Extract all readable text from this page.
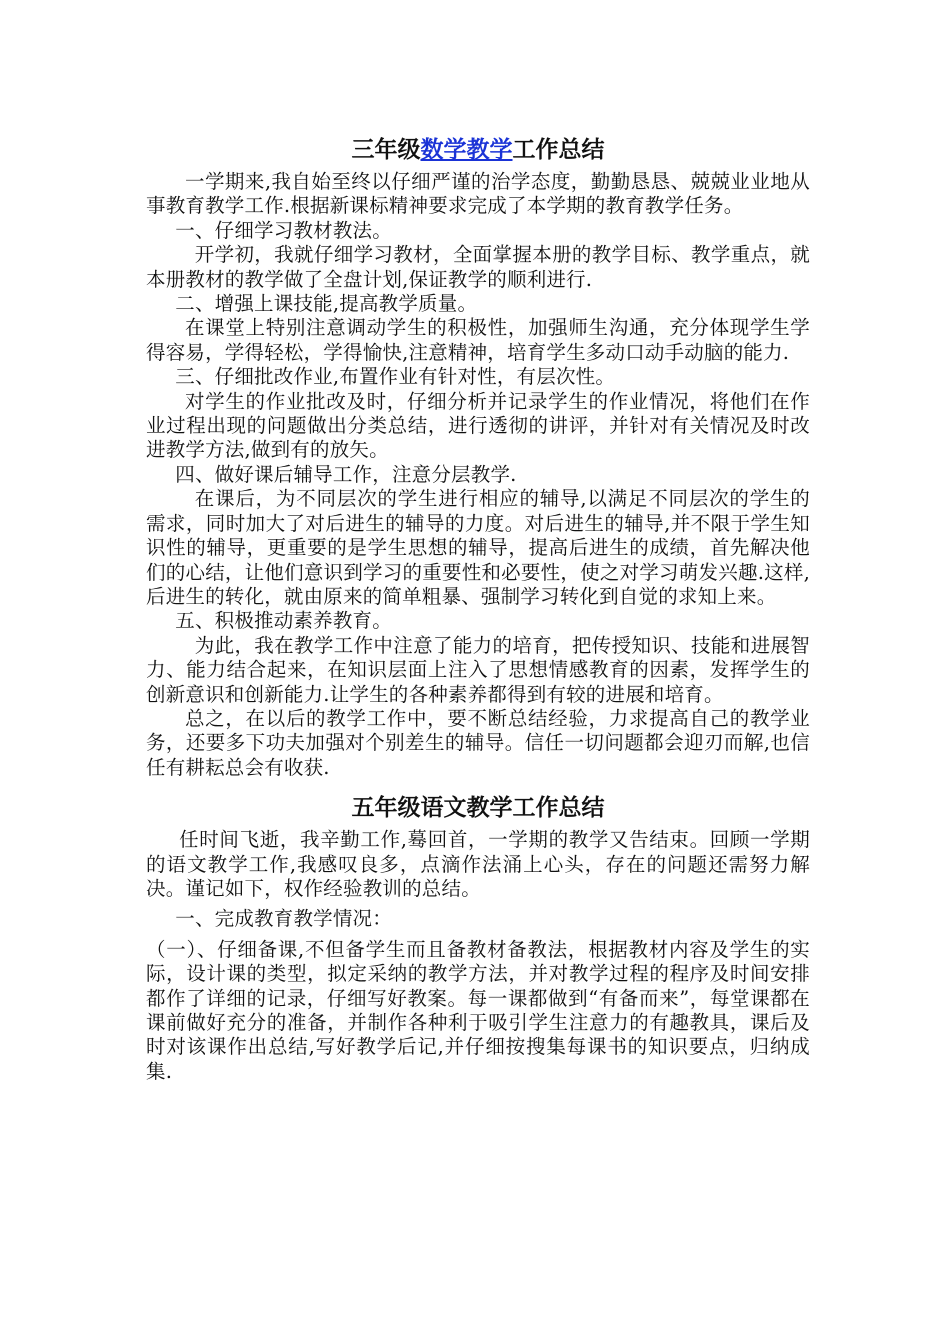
三年级数学教学工作总结

一学期来,我自始至终以仔细严谨的治学态度，勤勤恳恳、兢兢业业地从事教育教学工作.根据新课标精神要求完成了本学期的教育教学任务。

一、仔细学习教材教法。

开学初，我就仔细学习教材，全面掌握本册的教学目标、教学重点，就本册教材的教学做了全盘计划,保证教学的顺利进行.

二、增强上课技能,提高教学质量。

在课堂上特别注意调动学生的积极性，加强师生沟通，充分体现学生学得容易，学得轻松，学得愉快,注意精神，培育学生多动口动手动脑的能力.

三、仔细批改作业,布置作业有针对性，有层次性。

对学生的作业批改及时，仔细分析并记录学生的作业情况，将他们在作业过程出现的问题做出分类总结，进行透彻的讲评，并针对有关情况及时改进教学方法,做到有的放矢。

四、做好课后辅导工作，注意分层教学.

在课后，为不同层次的学生进行相应的辅导,以满足不同层次的学生的需求，同时加大了对后进生的辅导的力度。对后进生的辅导,并不限于学生知识性的辅导，更重要的是学生思想的辅导，提高后进生的成绩，首先解决他们的心结，让他们意识到学习的重要性和必要性，使之对学习萌发兴趣.这样,后进生的转化，就由原来的简单粗暴、强制学习转化到自觉的求知上来。

五、积极推动素养教育。

为此，我在教学工作中注意了能力的培育，把传授知识、技能和进展智力、能力结合起来，在知识层面上注入了思想情感教育的因素，发挥学生的创新意识和创新能力.让学生的各种素养都得到有较的进展和培育。

总之，在以后的教学工作中，要不断总结经验，力求提高自己的教学业务，还要多下功夫加强对个别差生的辅导。信任一切问题都会迎刃而解,也信任有耕耘总会有收获.

五年级语文教学工作总结

任时间飞逝，我辛勤工作,蓦回首，一学期的教学又告结束。回顾一学期的语文教学工作,我感叹良多，点滴作法涌上心头，存在的问题还需努力解决。谨记如下，权作经验教训的总结。

一、完成教育教学情况：

（一）、仔细备课,不但备学生而且备教材备教法，根据教材内容及学生的实际，设计课的类型，拟定采纳的教学方法，并对教学过程的程序及时间安排都作了详细的记录，仔细写好教案。每一课都做到“有备而来”，每堂课都在课前做好充分的准备，并制作各种利于吸引学生注意力的有趣教具，课后及时对该课作出总结,写好教学后记,并仔细按搜集每课书的知识要点，归纳成集.
